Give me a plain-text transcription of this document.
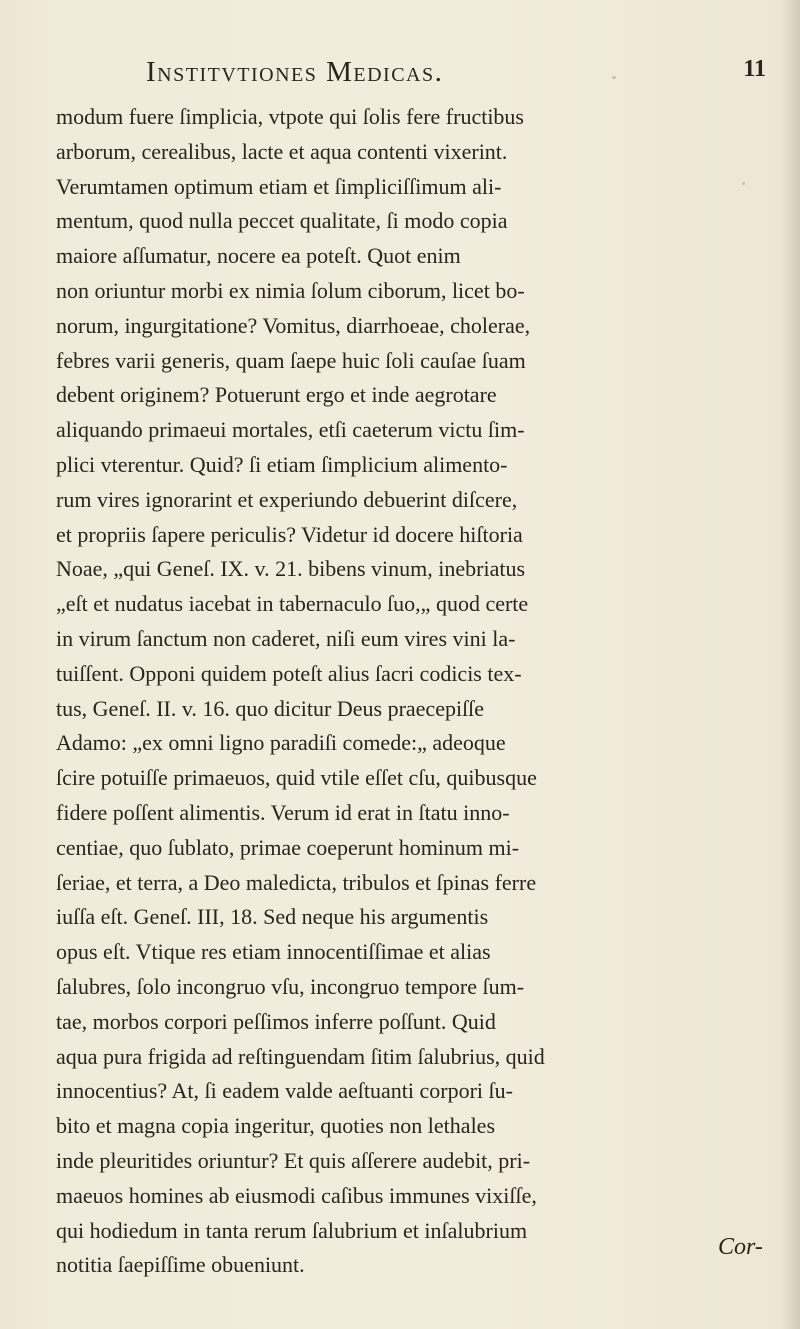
Institvtiones Medicas.	11
modum fuere ſimplicia, vtpote qui ſolis fere fructibus
arborum, cerealibus, lacte et aqua contenti vixerint.
Verumtamen optimum etiam et ſimpliciſſimum ali-
mentum, quod nulla peccet qualitate, ſi modo copia
maiore aſſumatur, nocere ea poteſt. Quot enim
non oriuntur morbi ex nimia ſolum ciborum, licet bo-
norum, ingurgitatione? Vomitus, diarrhoeae, cholerae,
febres varii generis, quam ſaepe huic ſoli cauſae ſuam
debent originem? Potuerunt ergo et inde aegrotare
aliquando primaeui mortales, etſi caeterum victu ſim-
plici vterentur. Quid? ſi etiam ſimplicium alimento-
rum vires ignorarint et experiundo debuerint diſcere,
et propriis ſapere periculis? Videtur id docere hiſtoria
Noae, „qui Geneſ. IX. v. 21. bibens vinum, inebriatus
„eſt et nudatus iacebat in tabernaculo ſuo,„ quod certe
in virum ſanctum non caderet, niſi eum vires vini la-
tuiſſent. Opponi quidem poteſt alius ſacri codicis tex-
tus, Geneſ. II. v. 16. quo dicitur Deus praecepiſſe
Adamo: „ex omni ligno paradiſi comede:„ adeoque
ſcire potuiſſe primaeuos, quid vtile eſſet cſu, quibusque
fidere poſſent alimentis. Verum id erat in ſtatu inno-
centiae, quo ſublato, primae coeperunt hominum mi-
ſeriae, et terra, a Deo maledicta, tribulos et ſpinas ferre
iuſſa eſt. Geneſ. III, 18. Sed neque his argumentis
opus eſt. Vtique res etiam innocentiſſimae et alias
ſalubres, ſolo incongruo vſu, incongruo tempore ſum-
tae, morbos corpori peſſimos inferre poſſunt. Quid
aqua pura frigida ad reſtinguendam ſitim ſalubrius, quid
innocentius? At, ſi eadem valde aeſtuanti corpori ſu-
bito et magna copia ingeritur, quoties non lethales
inde pleuritides oriuntur? Et quis aſſerere audebit, pri-
maeuos homines ab eiusmodi caſibus immunes vixiſſe,
qui hodiedum in tanta rerum ſalubrium et inſalubrium
notitia ſaepiſſime obueniunt.
Cor-
